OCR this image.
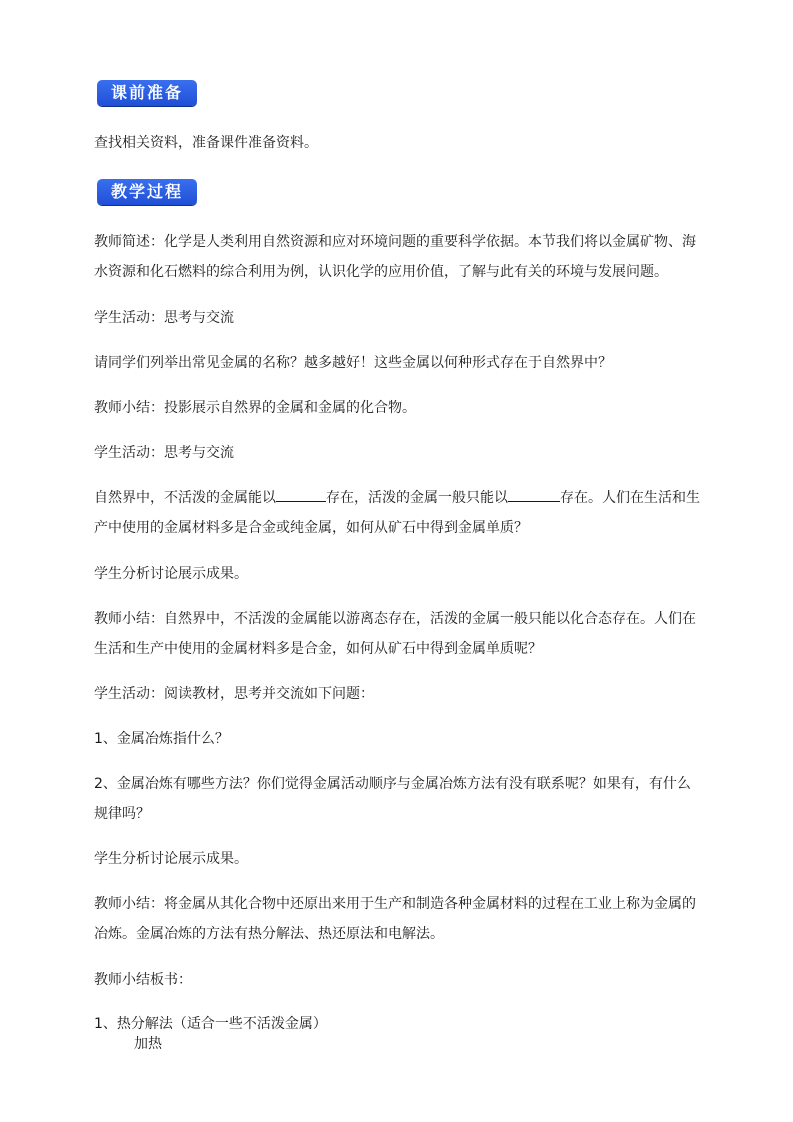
课前准备

查找相关资料，准备课件准备资料。

教学过程

教师简述：化学是人类利用自然资源和应对环境问题的重要科学依据。本节我们将以金属矿物、海水资源和化石燃料的综合利用为例，认识化学的应用价值，了解与此有关的环境与发展问题。

学生活动：思考与交流

请同学们列举出常见金属的名称？越多越好！这些金属以何种形式存在于自然界中？

教师小结：投影展示自然界的金属和金属的化合物。

学生活动：思考与交流

自然界中，不活泼的金属能以	存在，活泼的金属一般只能以	存在。人们在生活和生产中使用的金属材料多是合金或纯金属，如何从矿石中得到金属单质？

学生分析讨论展示成果。

教师小结：自然界中，不活泼的金属能以游离态存在，活泼的金属一般只能以化合态存在。人们在生活和生产中使用的金属材料多是合金，如何从矿石中得到金属单质呢？

学生活动：阅读教材，思考并交流如下问题：

1、金属冶炼指什么？

2、金属冶炼有哪些方法？你们觉得金属活动顺序与金属冶炼方法有没有联系呢？如果有，有什么规律吗？

学生分析讨论展示成果。

教师小结：将金属从其化合物中还原出来用于生产和制造各种金属材料的过程在工业上称为金属的冶炼。金属冶炼的方法有热分解法、热还原法和电解法。

教师小结板书：

1、热分解法（适合一些不活泼金属）

加热
